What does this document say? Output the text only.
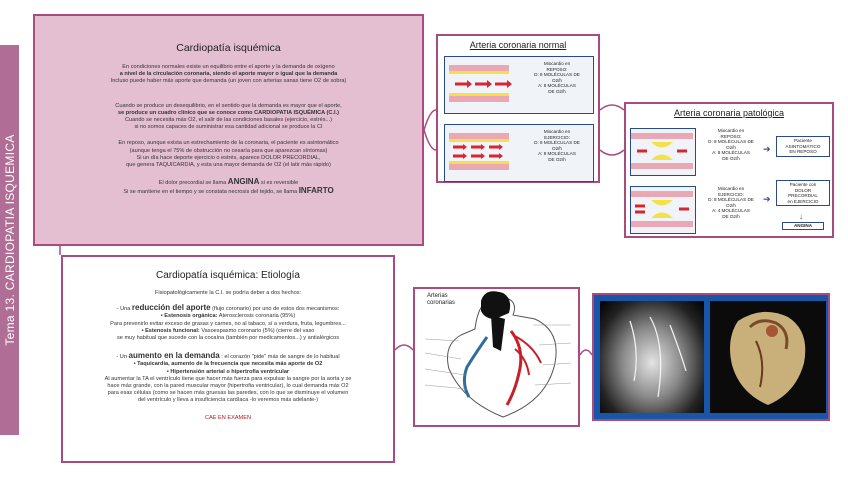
Tema 13. CARDIOPATIA ISQUEMICA
Cardiopatía isquémica
En condiciones normales existe un equilibrio entre el aporte y la demanda de oxígeno
a nivel de la circulación coronaria, siendo el aporte mayor o igual que la demanda
Incluso puede haber más aporte que demanda (un joven con arterias sanas tiene O2 de sobra)
Cuando se produce un desequilibrio, en el sentido que la demanda es mayor que el aporte,
se produce un cuadro clínico que se conoce como CARDIOPATIA ISQUÉMICA (C.I.)
Cuando se necesita más O2, el salir de las condiciones basales (ejercicio, estrés...)
si no somos capaces de suministrar esa cantidad adicional se produce la CI
En reposo, aunque exista un estrechamiento de la coronaria, el paciente es asintomático
(aunque tenga el 75% de obstrucción no cesaría para que aparezcan síntomas)
Si un día hace deporte ejercicio o estrés, aparece DOLOR PRECORDIAL,
que genera TAQUICARDIA, y esta una mayor demanda de O2 (el latir más rápido)
El dolor precordial se llama ANGINA si es reversible
Si se mantiene en el tiempo y se constata necrosis del tejido, se llama INFARTO
Cardiopatía isquémica: Etiología
Fisiopatológicamente la C.I. se podría deber a dos hechos:
- Una reducción del aporte (flujo coronario) por uno de estos dos mecanismos:
• Estenosis orgánica: Aterosclerosis coronaria (95%)
Para prevenirlo evitar exceso de grasas y carnes, no al tabaco, sí a verdura, fruta, legumbres...
• Estenosis funcional: Vasoespasmo coronario (5%) (cierre del vaso
se muy habitual que sucede con la cocaína (también por medicamentos...) y antialérgicos
- Un aumento en la demanda : el corazón "pide" más de sangre de lo habitual
• Taquicardia, aumento de la frecuencia que necesita más aporte de O2
• Hipertensión arterial o hipertrofia ventricular
Al aumentar la TA el ventrículo tiene que hacer más fuerza para expulsar la sangre por la aorta y se
hace más grande, con la pared muscular mayor (hipertrofia ventricular), lo cual demanda más O2
para esas células (como se hacen más gruesas las paredes, con lo que se disminuye el volumen
del ventrículo y lleva a insuficiencia cardíaca -lo veremos más adelante-)
CAE EN EXAMEN
Arteria coronaria normal
Miocardio en
REPOSO:
D: 8 MOLÉCULAS DE
O2/h
A: 8 MOLÉCULAS
DE O2/h
Miocardio en
EJERCICIO:
D: 8 MOLÉCULAS DE
O2/h
A: 8 MOLÉCULAS
DE O2/h
Arteria coronaria patológica
Miocardio en
REPOSO:
D: 8 MOLÉCULAS DE
O2/h
A: 8 MOLÉCULAS
DE O2/h
➔
Paciente
ASINTOMÁTICO
EN REPOSO
Miocardio en
EJERCICIO:
D: 8 MOLÉCULAS DE
O2/h
A: 4 MOLÉCULAS
DE O2/h
➔
Paciente con
DOLOR
PRECORDIAL
en EJERCICIO
↓
ANGINA
Arterias
coronarias
